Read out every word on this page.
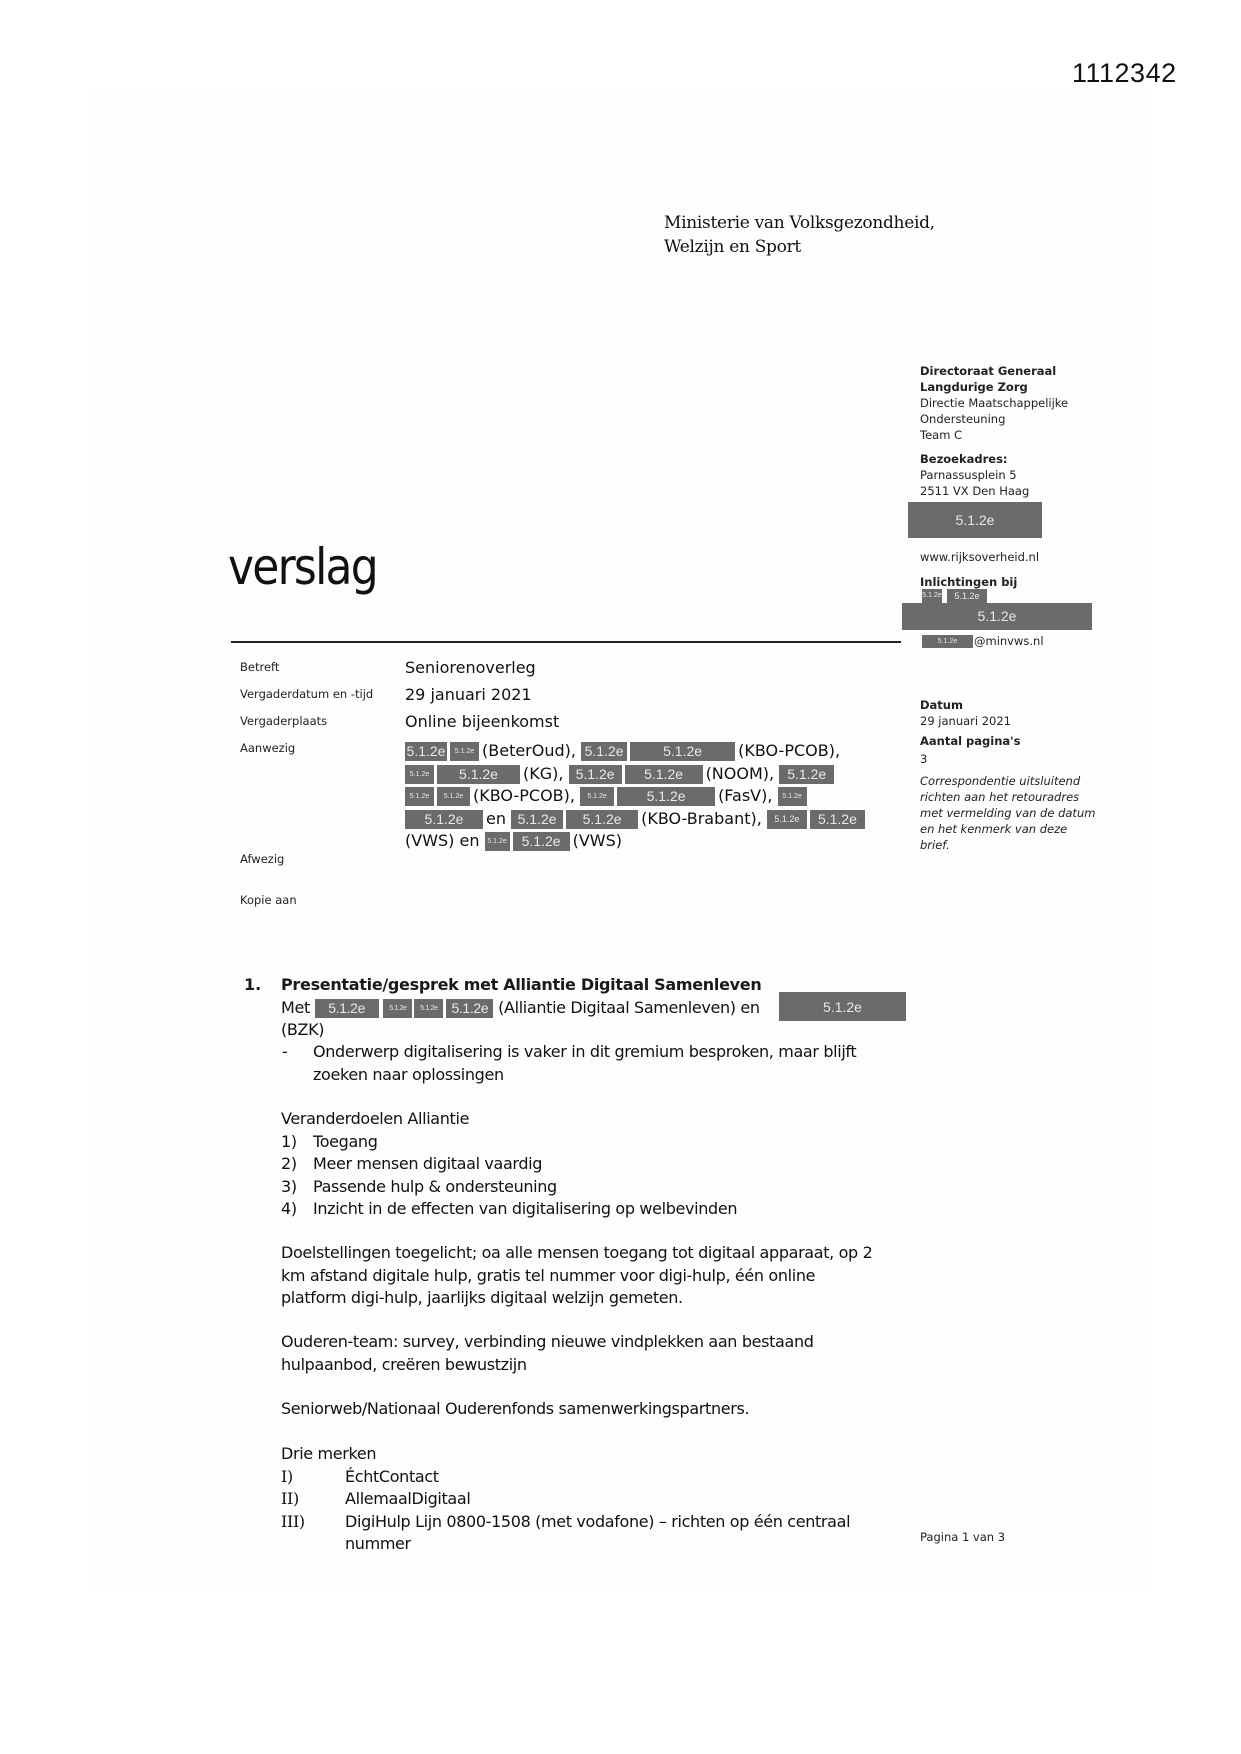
1112342
Ministerie van Volksgezondheid,
Welzijn en Sport
verslag
Directoraat Generaal
Langdurige Zorg
Directie Maatschappelijke
Ondersteuning
Team C
Bezoekadres:
Parnassusplein 5
2511 VX Den Haag
5.1.2e
www.rijksoverheid.nl
Inlichtingen bij
5.1.2e	5.1.2e
5.1.2e
5.1.2e	@minvws.nl
Datum
29 januari 2021
Aantal pagina's
3
Correspondentie uitsluitend
richten aan het retouradres
met vermelding van de datum
en het kenmerk van deze
brief.
Betreft	Seniorenoverleg
Vergaderdatum en -tijd 29 januari 2021
Vergaderplaats	Online bijeenkomst
Aanwezig	5.1.2e 5.1.2e (BeterOud), 5.1.2e	5.1.2e (KBO-PCOB),
5.1.2e 5.1.2e (KG), 5.1.2e 5.1.2e (NOOM), 5.1.2e
5.1.2e 5.1.2e (KBO-PCOB), 5.1.2e	5.1.2e (FasV), 5.1.2e
5.1.2e en 5.1.2e 5.1.2e (KBO-Brabant), 5.1.2e 5.1.2e
(VWS) en 5.1.2e 5.1.2e (VWS)
Afwezig
Kopie aan
1. Presentatie/gesprek met Alliantie Digitaal Samenleven
Met 5.1.2e	5.1.2e 5.1.2e 5.1.2e (Alliantie Digitaal Samenleven) en	5.1.2e
(BZK)
- Onderwerp digitalisering is vaker in dit gremium besproken, maar blijft
zoeken naar oplossingen
Veranderdoelen Alliantie
1) Toegang
2) Meer mensen digitaal vaardig
3) Passende hulp & ondersteuning
4) Inzicht in de effecten van digitalisering op welbevinden
Doelstellingen toegelicht; oa alle mensen toegang tot digitaal apparaat, op 2
km afstand digitale hulp, gratis tel nummer voor digi-hulp, één online
platform digi-hulp, jaarlijks digitaal welzijn gemeten.
Ouderen-team: survey, verbinding nieuwe vindplekken aan bestaand
hulpaanbod, creëren bewustzijn
Seniorweb/Nationaal Ouderenfonds samenwerkingspartners.
Drie merken
I)	ÉchtContact
II)	AllemaalDigitaal
III)	DigiHulp Lijn 0800-1508 (met vodafone) – richten op één centraal
nummer	Pagina 1 van 3
